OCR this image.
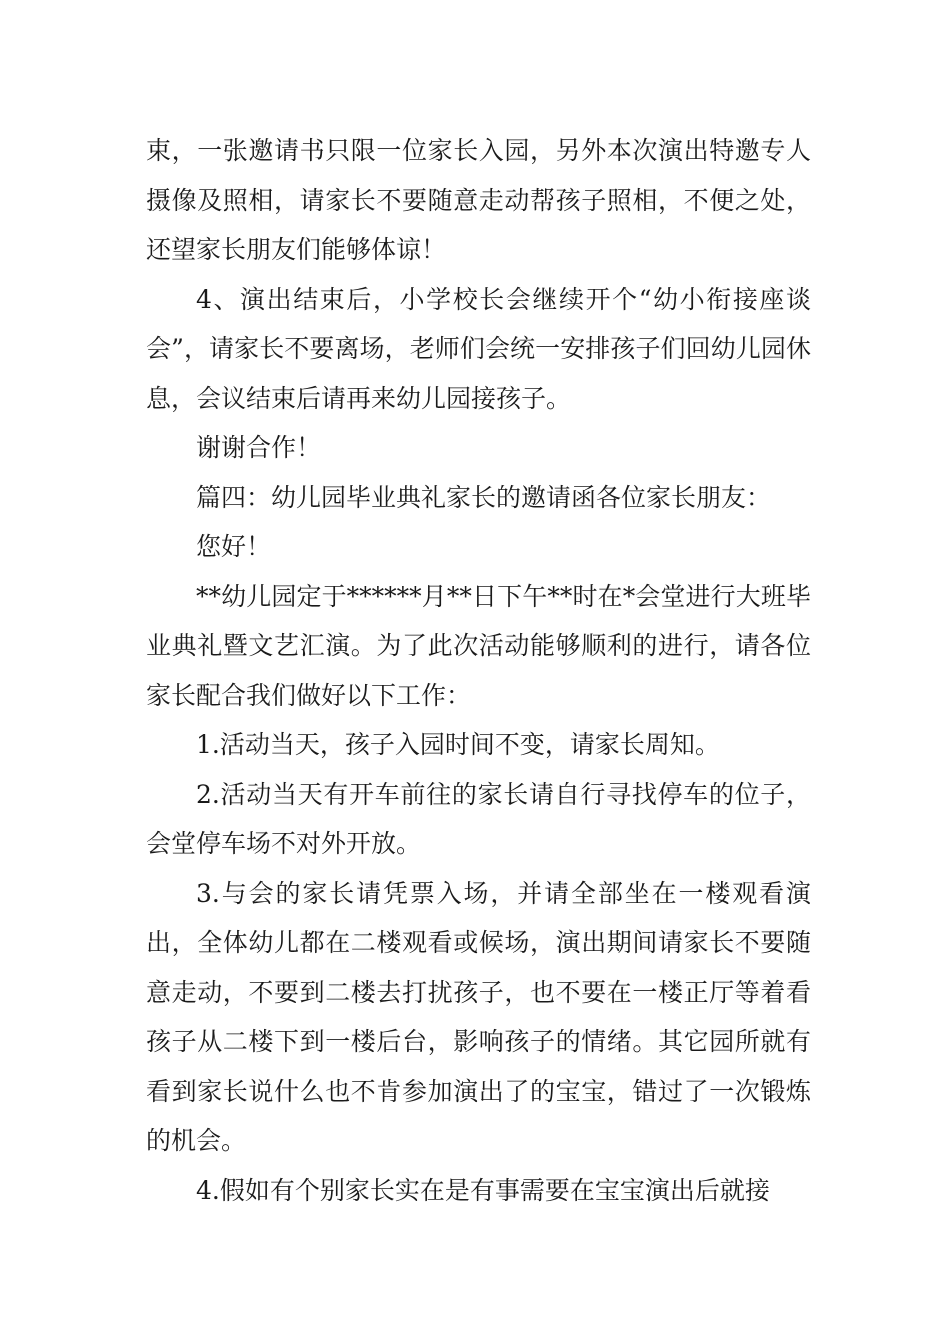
束，一张邀请书只限一位家长入园，另外本次演出特邀专人摄像及照相，请家长不要随意走动帮孩子照相，不便之处，还望家长朋友们能够体谅！

4、演出结束后，小学校长会继续开个“幼小衔接座谈会”，请家长不要离场，老师们会统一安排孩子们回幼儿园休息，会议结束后请再来幼儿园接孩子。

谢谢合作！

篇四：幼儿园毕业典礼家长的邀请函各位家长朋友：

您好！

**幼儿园定于******月**日下午**时在*会堂进行大班毕业典礼暨文艺汇演。为了此次活动能够顺利的进行，请各位家长配合我们做好以下工作：

1.活动当天，孩子入园时间不变，请家长周知。

2.活动当天有开车前往的家长请自行寻找停车的位子，会堂停车场不对外开放。

3.与会的家长请凭票入场，并请全部坐在一楼观看演出，全体幼儿都在二楼观看或候场，演出期间请家长不要随意走动，不要到二楼去打扰孩子，也不要在一楼正厅等着看孩子从二楼下到一楼后台，影响孩子的情绪。其它园所就有看到家长说什么也不肯参加演出了的宝宝，错过了一次锻炼的机会。

4.假如有个别家长实在是有事需要在宝宝演出后就接
